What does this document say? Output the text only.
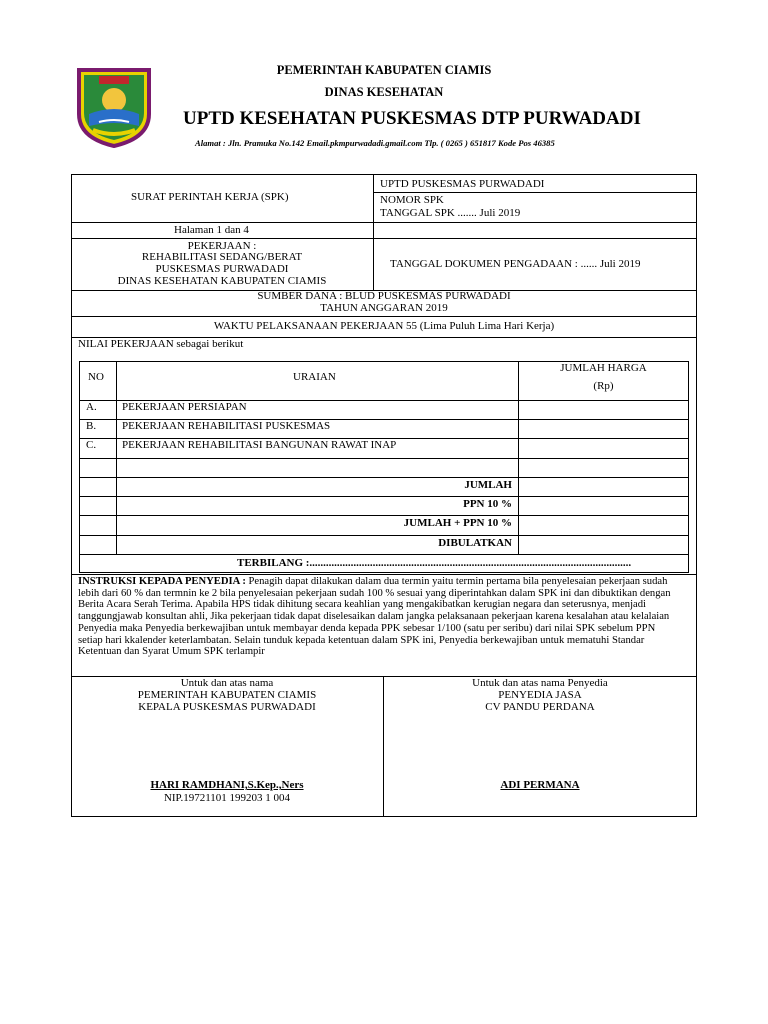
PEMERINTAH KABUPATEN CIAMIS
DINAS KESEHATAN
UPTD KESEHATAN PUSKESMAS DTP PURWADADI
Alamat : Jln. Pramuka No.142 Email.pkmpurwadadi.gmail.com Tlp. ( 0265 ) 651817 Kode Pos 46385
SURAT PERINTAH KERJA (SPK)
UPTD PUSKESMAS PURWADADI
NOMOR SPK
TANGGAL SPK ....... Juli 2019
Halaman 1 dan 4
PEKERJAAN :
REHABILITASI SEDANG/BERAT
PUSKESMAS PURWADADI
DINAS KESEHATAN KABUPATEN CIAMIS
TANGGAL DOKUMEN PENGADAAN : ...... Juli 2019
SUMBER DANA : BLUD PUSKESMAS PURWADADI
TAHUN ANGGARAN 2019
WAKTU PELAKSANAAN PEKERJAAN 55 (Lima Puluh Lima Hari Kerja)
NILAI PEKERJAAN sebagai berikut
NO	URAIAN
JUMLAH HARGA
(Rp)
A. PEKERJAAN PERSIAPAN
B. PEKERJAAN REHABILITASI PUSKESMAS
C. PEKERJAAN REHABILITASI BANGUNAN RAWAT INAP
JUMLAH
PPN 10 %
JUMLAH + PPN 10 %
DIBULATKAN
TERBILANG :.....................................................................................................................
INSTRUKSI KEPADA PENYEDIA : Penagih dapat dilakukan dalam dua termin yaitu termin pertama bila penyelesaian pekerjaan sudah lebih dari 60 % dan termnin ke 2 bila penyelesaian pekerjaan sudah 100 % sesuai yang diperintahkan dalam SPK ini dan dibuktikan dengan Berita Acara Serah Terima. Apabila HPS tidak dihitung secara keahlian yang mengakibatkan kerugian negara dan seterusnya, menjadi tanggungjawab konsultan ahli, Jika pekerjaan tidak dapat diselesaikan dalam jangka pelaksanaan pekerjaan karena kesalahan atau kelalaian Penyedia maka Penyedia berkewajiban untuk membayar denda kepada PPK sebesar 1/100 (satu per seribu) dari nilai SPK sebelum PPN setiap hari kkalender keterlambatan. Selain tunduk kepada ketentuan dalam SPK ini, Penyedia berkewajiban untuk mematuhi Standar Ketentuan dan Syarat Umum SPK terlampir
Untuk dan atas nama
PEMERINTAH KABUPATEN CIAMIS
KEPALA PUSKESMAS PURWADADI
HARI RAMDHANI,S.Kep.,Ners
NIP.19721101 199203 1 004
Untuk dan atas nama Penyedia
PENYEDIA JASA
CV PANDU PERDANA
ADI PERMANA
